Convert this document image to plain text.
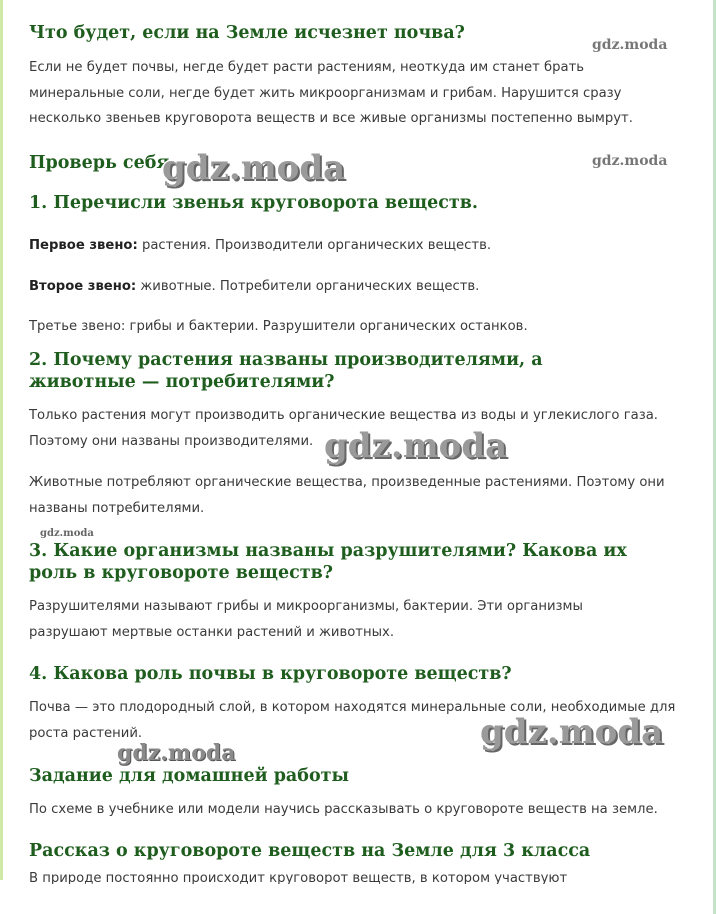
Что будет, если на Земле исчезнет почва?

Если не будет почвы, негде будет расти растениям, неоткуда им станет брать минеральные соли, негде будет жить микроорганизмам и грибам. Нарушится сразу несколько звеньев круговорота веществ и все живые организмы постепенно вымрут.

Проверь себя
1. Перечисли звенья круговорота веществ.

Первое звено: растения. Производители органических веществ.

Второе звено: животные. Потребители органических веществ.

Третье звено: грибы и бактерии. Разрушители органических останков.

2. Почему растения названы производителями, а животные — потребителями?

Только растения могут производить органические вещества из воды и углекислого газа. Поэтому они названы производителями.

Животные потребляют органические вещества, произведенные растениями. Поэтому они названы потребителями.

3. Какие организмы названы разрушителями? Какова их роль в круговороте веществ?

Разрушителями называют грибы и микроорганизмы, бактерии. Эти организмы разрушают мертвые останки растений и животных.

4. Какова роль почвы в круговороте веществ?

Почва — это плодородный слой, в котором находятся минеральные соли, необходимые для роста растений.

Задание для домашней работы

По схеме в учебнике или модели научись рассказывать о круговороте веществ на земле.

Рассказ о круговороте веществ на Земле для 3 класса

В природе постоянно происходит круговорот веществ, в котором участвуют

gdz.moda
gdz.moda
gdz.moda
gdz.moda
gdz.moda
gdz.moda
gdz.moda
